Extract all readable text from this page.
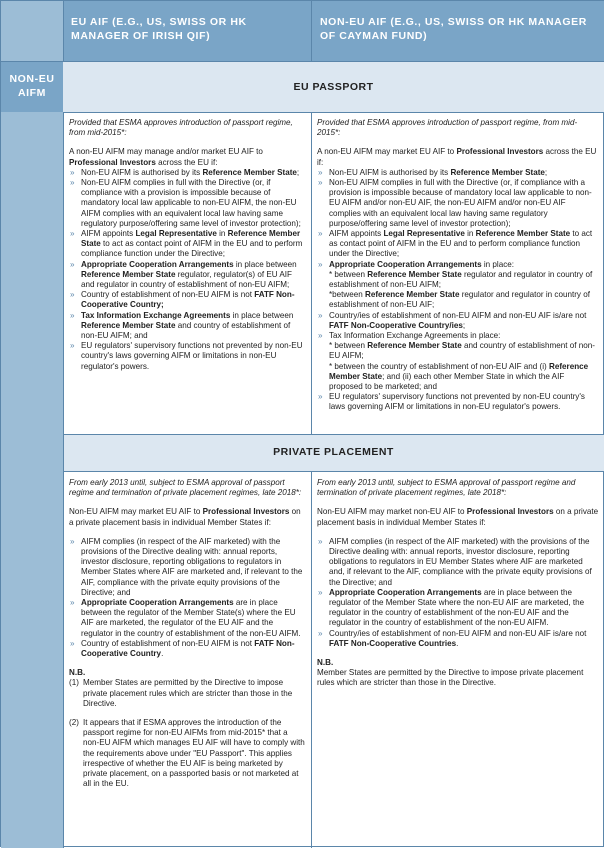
EU AIF (E.G., US, SWISS OR HK MANAGER OF IRISH QIF)
NON-EU AIF (E.G., US, SWISS OR HK MANAGER OF CAYMAN FUND)
NON-EU AIFM	EU PASSPORT
PRIVATE PLACEMENT

Provided that ESMA approves introduction of passport regime, from mid-2015*:

A non-EU AIFM may manage and/or market EU AIF to Professional Investors across the EU if:

» Non-EU AIFM is authorised by its Reference Member State;
» Non-EU AIFM complies in full with the Directive (or, if compliance with a provision is impossible because of mandatory local law applicable to non-EU AIFM, the non-EU AIFM complies with an equivalent local law having same regulatory purpose/offering same level of investor protection);
» AIFM appoints Legal Representative in Reference Member State to act as contact point of AIFM in the EU and to perform compliance function under the Directive;
» Appropriate Cooperation Arrangements in place between Reference Member State regulator, regulator(s) of EU AIF and regulator in country of establishment of non-EU AIFM;
» Country of establishment of non-EU AIFM is not FATF Non-Cooperative Country;
» Tax Information Exchange Agreements in place between Reference Member State and country of establishment of non-EU AIFM; and
» EU regulators' supervisory functions not prevented by non-EU country's laws governing AIFM or limitations in non-EU regulator's powers.

Provided that ESMA approves introduction of passport regime, from mid-2015*:

A non-EU AIFM may market EU AIF to Professional Investors across the EU if:

» Non-EU AIFM is authorised by its Reference Member State;
» Non-EU AIFM complies in full with the Directive (or, if compliance with a provision is impossible because of mandatory local law applicable to non-EU AIFM and/or non-EU AIF, the non-EU AIFM and/or non-EU AIF complies with an equivalent local law having same regulatory purpose/offering same level of investor protection);
» AIFM appoints Legal Representative in Reference Member State to act as contact point of AIFM in the EU and to perform compliance function under the Directive;
» Appropriate Cooperation Arrangements in place:
* between Reference Member State regulator and regulator in country of establishment of non-EU AIFM;
*between Reference Member State regulator and regulator in country of establishment of non-EU AIF;
» Country/ies of establishment of non-EU AIFM and non-EU AIF is/are not FATF Non-Cooperative Country/ies;
» Tax Information Exchange Agreements in place:
* between Reference Member State and country of establishment of non-EU AIFM;
* between the country of establishment of non-EU AIF and (i) Reference Member State; and (ii) each other Member State in which the AIF proposed to be marketed; and
» EU regulators' supervisory functions not prevented by non-EU country's laws governing AIFM or limitations in non-EU regulator's powers.

From early 2013 until, subject to ESMA approval of passport regime and termination of private placement regimes, late 2018*:

Non-EU AIFM may market EU AIF to Professional Investors on a private placement basis in individual Member States if:

» AIFM complies (in respect of the AIF marketed) with the provisions of the Directive dealing with: annual reports, investor disclosure, reporting obligations to regulators in Member States where AIF are marketed and, if relevant to the AIF, compliance with the private equity provisions of the Directive; and
» Appropriate Cooperation Arrangements are in place between the regulator of the Member State(s) where the EU AIF are marketed, the regulator of the EU AIF and the regulator in the country of establishment of the non-EU AIFM.
» Country of establishment of non-EU AIFM is not FATF Non-Cooperative Country.

N.B.

(1) Member States are permitted by the Directive to impose private placement rules which are stricter than those in the Directive.
(2) It appears that if ESMA approves the introduction of the passport regime for non-EU AIFMs from mid-2015* that a non-EU AIFM which manages EU AIF will have to comply with the requirements above under "EU Passport". This applies irrespective of whether the EU AIF is being marketed by private placement, on a passported basis or not marketed at all in the EU.

From early 2013 until, subject to ESMA approval of passport regime and termination of private placement regimes, late 2018*:

Non-EU AIFM may market non-EU AIF to Professional Investors on a private placement basis in individual Member States if:

» AIFM complies (in respect of the AIF marketed) with the provisions of the Directive dealing with: annual reports, investor disclosure, reporting obligations to regulators in EU Member States where AIF are marketed and, if relevant to the AIF, compliance with the private equity provisions of the Directive; and
» Appropriate Cooperation Arrangements are in place between the regulator of the Member State where the non-EU AIF are marketed, the regulator in the country of establishment of the non-EU AIF and the regulator in the country of establishment of the non-EU AIFM.
» Country/ies of establishment of non-EU AIFM and non-EU AIF is/are not FATF Non-Cooperative Countries.

N.B.

Member States are permitted by the Directive to impose private placement rules which are stricter than those in the Directive.
